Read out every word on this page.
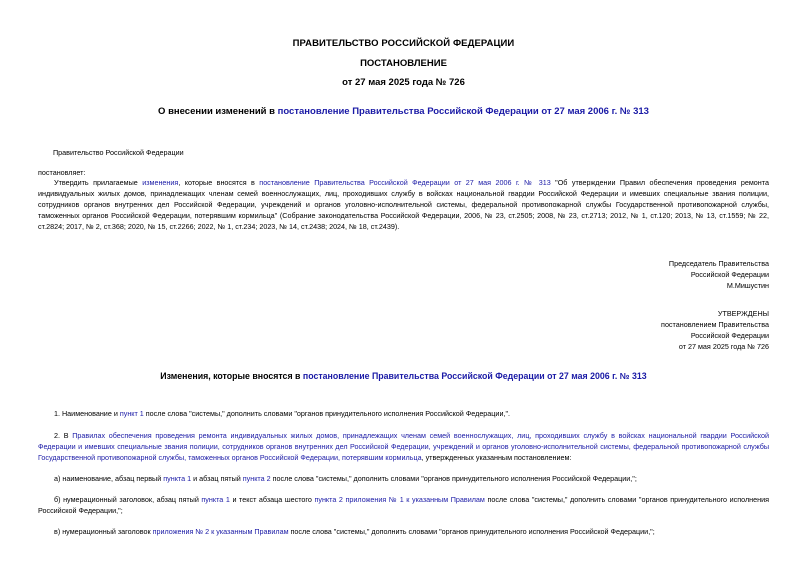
ПРАВИТЕЛЬСТВО РОССИЙСКОЙ ФЕДЕРАЦИИ
ПОСТАНОВЛЕНИЕ
от 27 мая 2025 года № 726
О внесении изменений в постановление Правительства Российской Федерации от 27 мая 2006 г. № 313
Правительство Российской Федерации
постановляет:
Утвердить прилагаемые изменения, которые вносятся в постановление Правительства Российской Федерации от 27 мая 2006 г. № 313 "Об утверждении Правил обеспечения проведения ремонта индивидуальных жилых домов, принадлежащих членам семей военнослужащих, лиц, проходивших службу в войсках национальной гвардии Российской Федерации и имевших специальные звания полиции, сотрудников органов внутренних дел Российской Федерации, учреждений и органов уголовно-исполнительной системы, федеральной противопожарной службы Государственной противопожарной службы, таможенных органов Российской Федерации, потерявшим кормильца" (Собрание законодательства Российской Федерации, 2006, № 23, ст.2505; 2008, № 23, ст.2713; 2012, № 1, ст.120; 2013, № 13, ст.1559; № 22, ст.2824; 2017, № 2, ст.368; 2020, № 15, ст.2266; 2022, № 1, ст.234; 2023, № 14, ст.2438; 2024, № 18, ст.2439).
Председатель Правительства
Российской Федерации
М.Мишустин
УТВЕРЖДЕНЫ
постановлением Правительства
Российской Федерации
от 27 мая 2025 года № 726
Изменения, которые вносятся в постановление Правительства Российской Федерации от 27 мая 2006 г. № 313
1. Наименование и пункт 1 после слова "системы," дополнить словами "органов принудительного исполнения Российской Федерации,".
2. В Правилах обеспечения проведения ремонта индивидуальных жилых домов, принадлежащих членам семей военнослужащих, лиц, проходивших службу в войсках национальной гвардии Российской Федерации и имевших специальные звания полиции, сотрудников органов внутренних дел Российской Федерации, учреждений и органов уголовно-исполнительной системы, федеральной противопожарной службы Государственной противопожарной службы, таможенных органов Российской Федерации, потерявшим кормильца, утвержденных указанным постановлением:
а) наименование, абзац первый пункта 1 и абзац пятый пункта 2 после слова "системы," дополнить словами "органов принудительного исполнения Российской Федерации,";
б) нумерационный заголовок, абзац пятый пункта 1 и текст абзаца шестого пункта 2 приложения № 1 к указанным Правилам после слова "системы," дополнить словами "органов принудительного исполнения Российской Федерации,";
в) нумерационный заголовок приложения № 2 к указанным Правилам после слова "системы," дополнить словами "органов принудительного исполнения Российской Федерации,";
